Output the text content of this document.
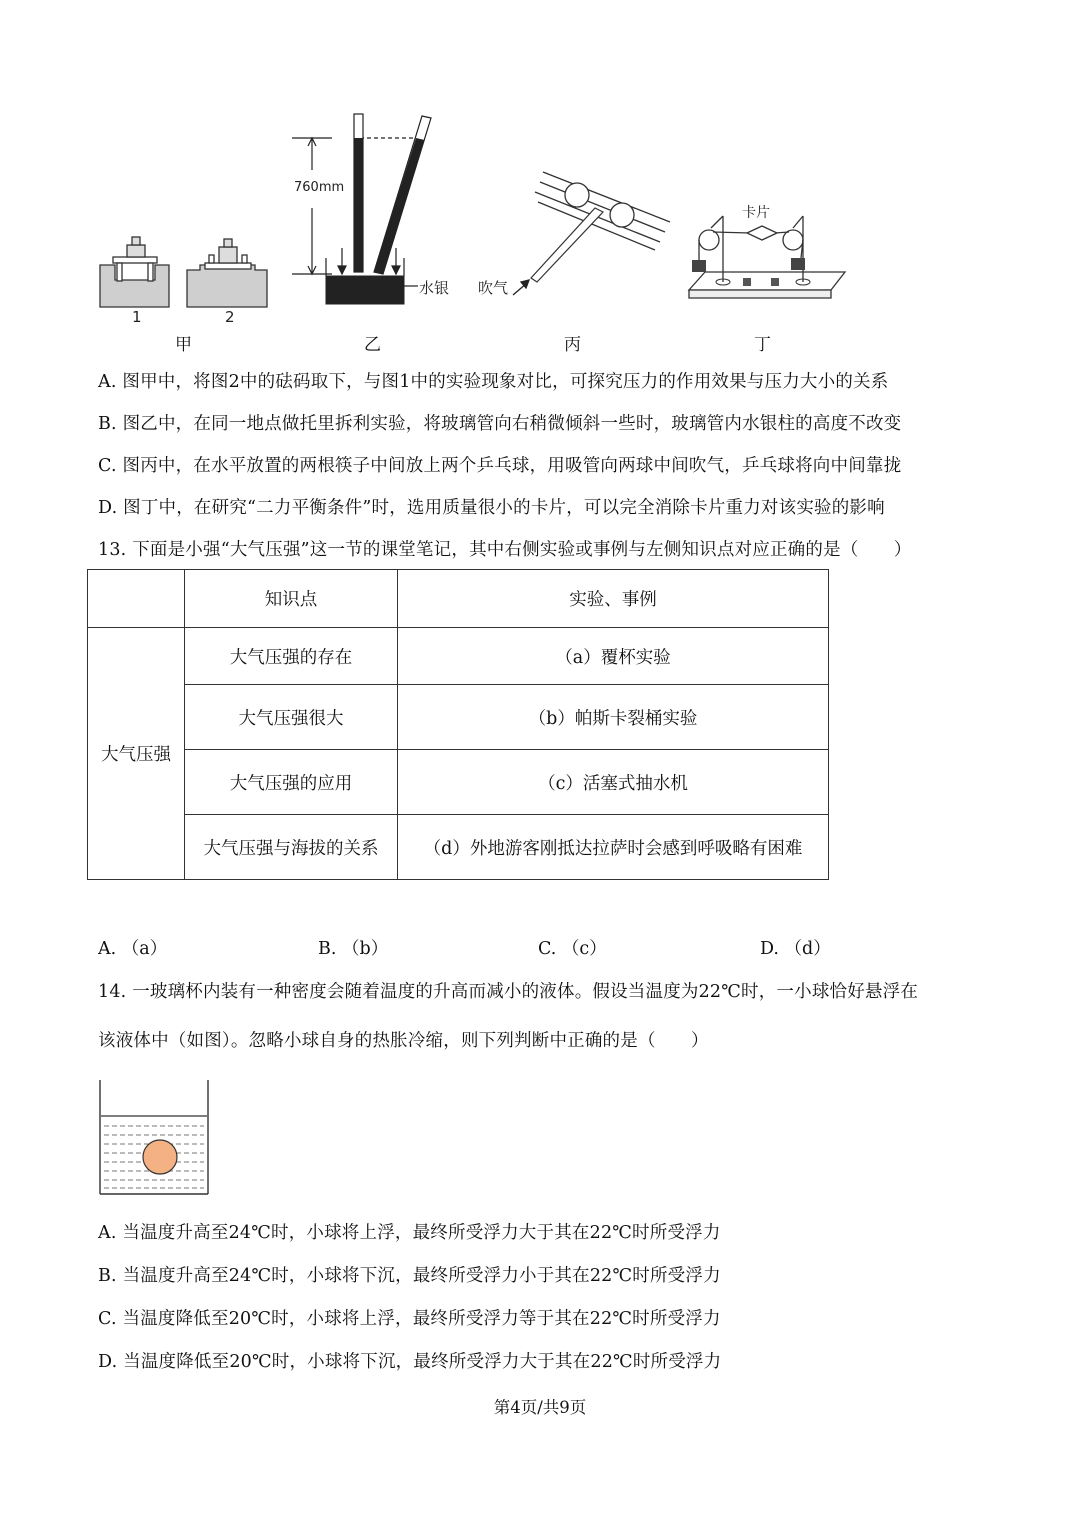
1	2
甲
760mm
水银
乙
吹气
丙
卡片
丁
A. 图甲中，将图2中的砝码取下，与图1中的实验现象对比，可探究压力的作用效果与压力大小的关系
B. 图乙中，在同一地点做托里拆利实验，将玻璃管向右稍微倾斜一些时，玻璃管内水银柱的高度不改变
C. 图丙中，在水平放置的两根筷子中间放上两个乒乓球，用吸管向两球中间吹气，乒乓球将向中间靠拢
D. 图丁中，在研究“二力平衡条件”时，选用质量很小的卡片，可以完全消除卡片重力对该实验的影响
13. 下面是小强“大气压强”这一节的课堂笔记，其中右侧实验或事例与左侧知识点对应正确的是（　　）
	知识点	实验、事例
大气压强	大气压强的存在	（a）覆杯实验
	大气压强很大	（b）帕斯卡裂桶实验
	大气压强的应用	（c）活塞式抽水机
	大气压强与海拔的关系	（d）外地游客刚抵达拉萨时会感到呼吸略有困难
A. （a）	B. （b）	C. （c）	D. （d）
14. 一玻璃杯内装有一种密度会随着温度的升高而减小的液体。假设当温度为22℃时，一小球恰好悬浮在
该液体中（如图）。忽略小球自身的热胀冷缩，则下列判断中正确的是（　　）
A. 当温度升高至24℃时，小球将上浮，最终所受浮力大于其在22℃时所受浮力
B. 当温度升高至24℃时，小球将下沉，最终所受浮力小于其在22℃时所受浮力
C. 当温度降低至20℃时，小球将上浮，最终所受浮力等于其在22℃时所受浮力
D. 当温度降低至20℃时，小球将下沉，最终所受浮力大于其在22℃时所受浮力
第4页/共9页
